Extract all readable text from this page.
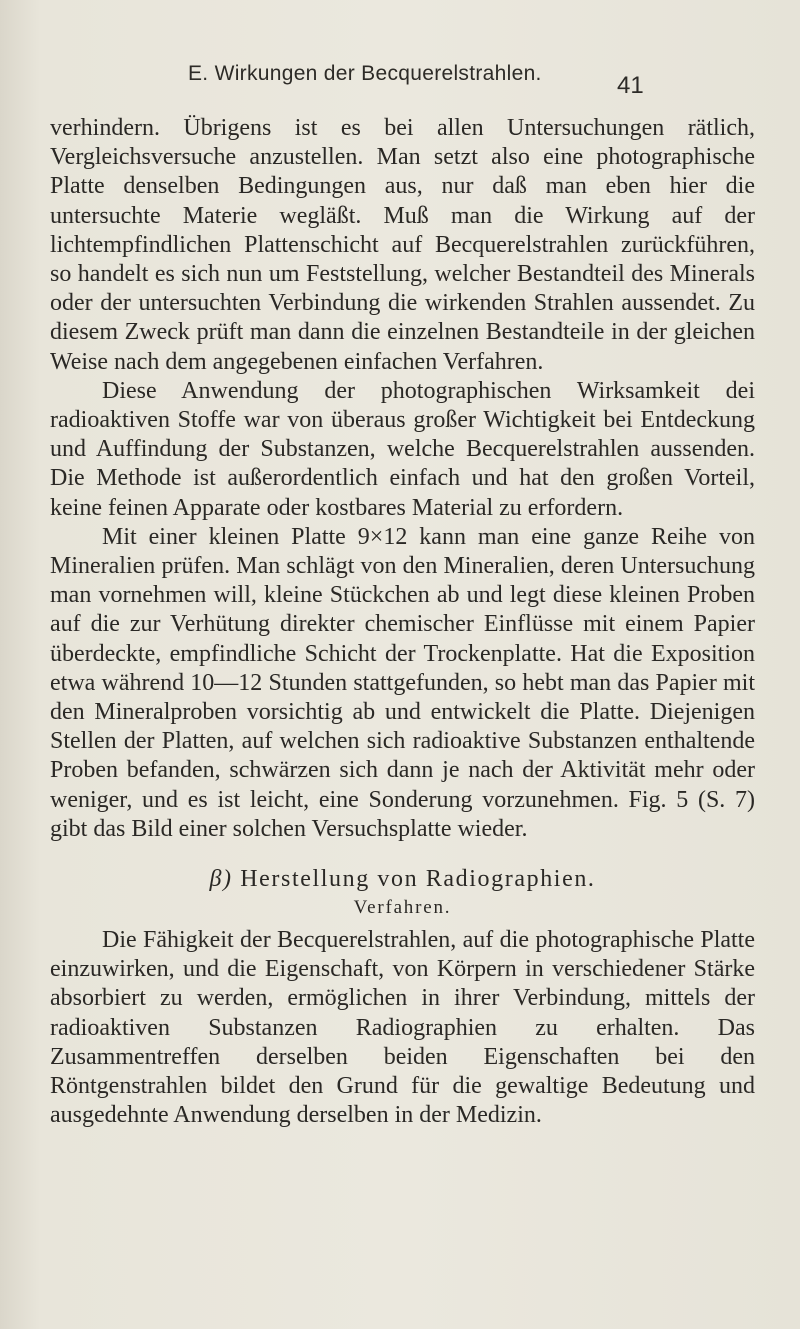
E. Wirkungen der Becquerelstrahlen.	41

verhindern. Übrigens ist es bei allen Untersuchungen rätlich, Vergleichsversuche anzustellen. Man setzt also eine photographische Platte denselben Bedingungen aus, nur daß man eben hier die untersuchte Materie wegläßt. Muß man die Wirkung auf der lichtempfindlichen Plattenschicht auf Becquerelstrahlen zurückführen, so handelt es sich nun um Feststellung, welcher Bestandteil des Minerals oder der untersuchten Verbindung die wirkenden Strahlen aussendet. Zu diesem Zweck prüft man dann die einzelnen Bestandteile in der gleichen Weise nach dem angegebenen einfachen Verfahren.

Diese Anwendung der photographischen Wirksamkeit dei radioaktiven Stoffe war von überaus großer Wichtigkeit bei Entdeckung und Auffindung der Substanzen, welche Becquerelstrahlen aussenden. Die Methode ist außerordentlich einfach und hat den großen Vorteil, keine feinen Apparate oder kostbares Material zu erfordern.

Mit einer kleinen Platte 9×12 kann man eine ganze Reihe von Mineralien prüfen. Man schlägt von den Mineralien, deren Untersuchung man vornehmen will, kleine Stückchen ab und legt diese kleinen Proben auf die zur Verhütung direkter chemischer Einflüsse mit einem Papier überdeckte, empfindliche Schicht der Trockenplatte. Hat die Exposition etwa während 10—12 Stunden stattgefunden, so hebt man das Papier mit den Mineralproben vorsichtig ab und entwickelt die Platte. Diejenigen Stellen der Platten, auf welchen sich radioaktive Substanzen enthaltende Proben befanden, schwärzen sich dann je nach der Aktivität mehr oder weniger, und es ist leicht, eine Sonderung vorzunehmen. Fig. 5 (S. 7) gibt das Bild einer solchen Versuchsplatte wieder.

β) Herstellung von Radiographien.

Verfahren.

Die Fähigkeit der Becquerelstrahlen, auf die photographische Platte einzuwirken, und die Eigenschaft, von Körpern in verschiedener Stärke absorbiert zu werden, ermöglichen in ihrer Verbindung, mittels der radioaktiven Substanzen Radiographien zu erhalten. Das Zusammentreffen derselben beiden Eigenschaften bei den Röntgenstrahlen bildet den Grund für die gewaltige Bedeutung und ausgedehnte Anwendung derselben in der Medizin.
